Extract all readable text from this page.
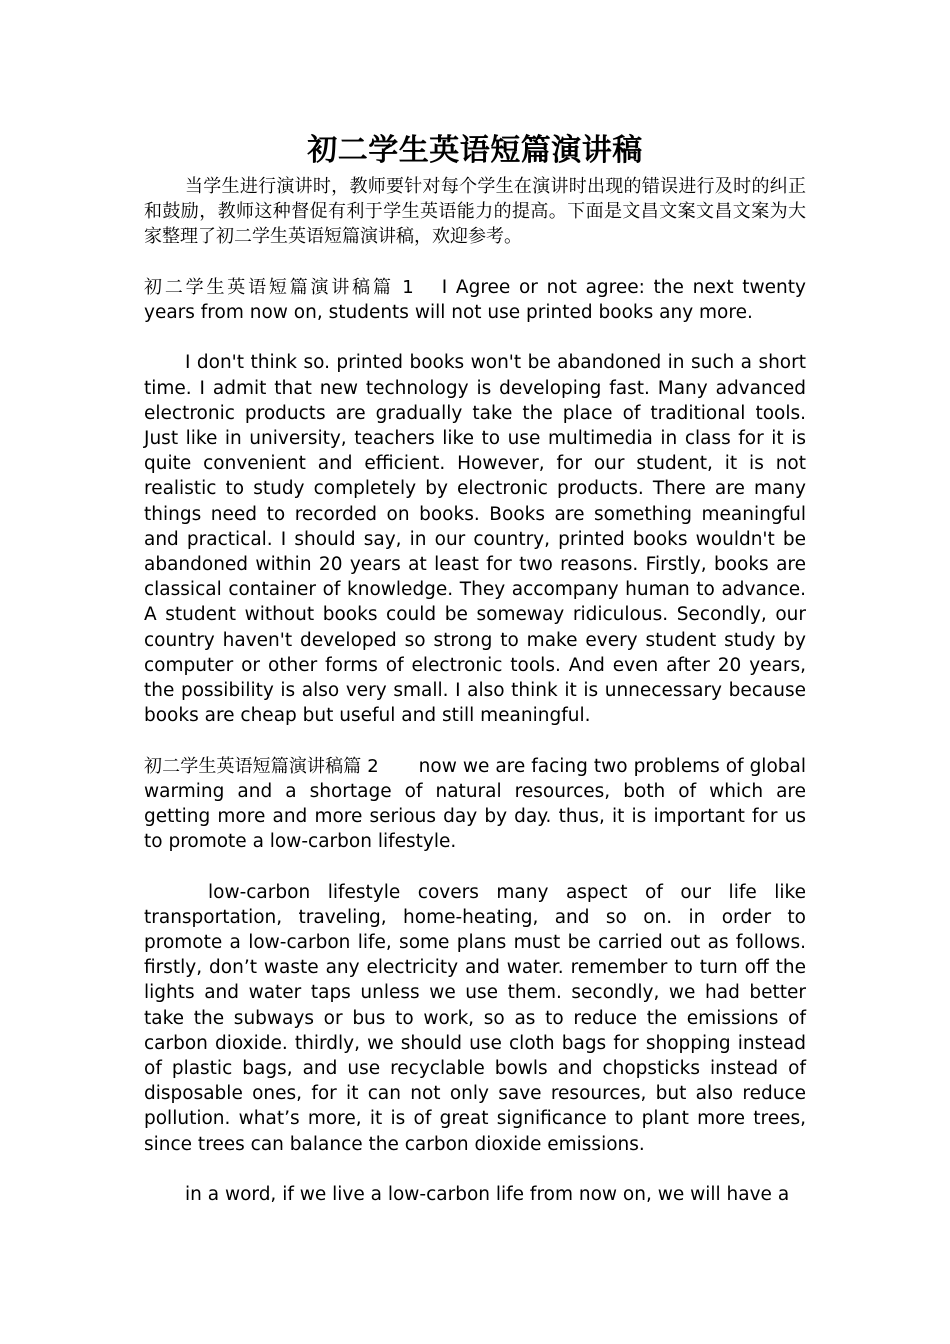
初二学生英语短篇演讲稿

当学生进行演讲时，教师要针对每个学生在演讲时出现的错误进行及时的纠正和鼓励，教师这种督促有利于学生英语能力的提高。下面是文昌文案文昌文案为大家整理了初二学生英语短篇演讲稿，欢迎参考。

初二学生英语短篇演讲稿篇 1 I Agree or not agree: the next twenty years from now on, students will not use printed books any more.

I don't think so. printed books won't be abandoned in such a short time. I admit that new technology is developing fast. Many advanced electronic products are gradually take the place of traditional tools. Just like in university, teachers like to use multimedia in class for it is quite convenient and efficient. However, for our student, it is not realistic to study completely by electronic products. There are many things need to recorded on books. Books are something meaningful and practical. I should say, in our country, printed books wouldn't be abandoned within 20 years at least for two reasons. Firstly, books are classical container of knowledge. They accompany human to advance. A student without books could be someway ridiculous. Secondly, our country haven't developed so strong to make every student study by computer or other forms of electronic tools. And even after 20 years, the possibility is also very small. I also think it is unnecessary because books are cheap but useful and still meaningful.

初二学生英语短篇演讲稿篇 2 now we are facing two problems of global warming and a shortage of natural resources, both of which are getting more and more serious day by day. thus, it is important for us to promote a low-carbon lifestyle.

low-carbon lifestyle covers many aspect of our life like transportation, traveling, home-heating, and so on. in order to promote a low-carbon life, some plans must be carried out as follows. firstly, don’t waste any electricity and water. remember to turn off the lights and water taps unless we use them. secondly, we had better take the subways or bus to work, so as to reduce the emissions of carbon dioxide. thirdly, we should use cloth bags for shopping instead of plastic bags, and use recyclable bowls and chopsticks instead of disposable ones, for it can not only save resources, but also reduce pollution. what’s more, it is of great significance to plant more trees, since trees can balance the carbon dioxide emissions.

in a word, if we live a low-carbon life from now on, we will have a
